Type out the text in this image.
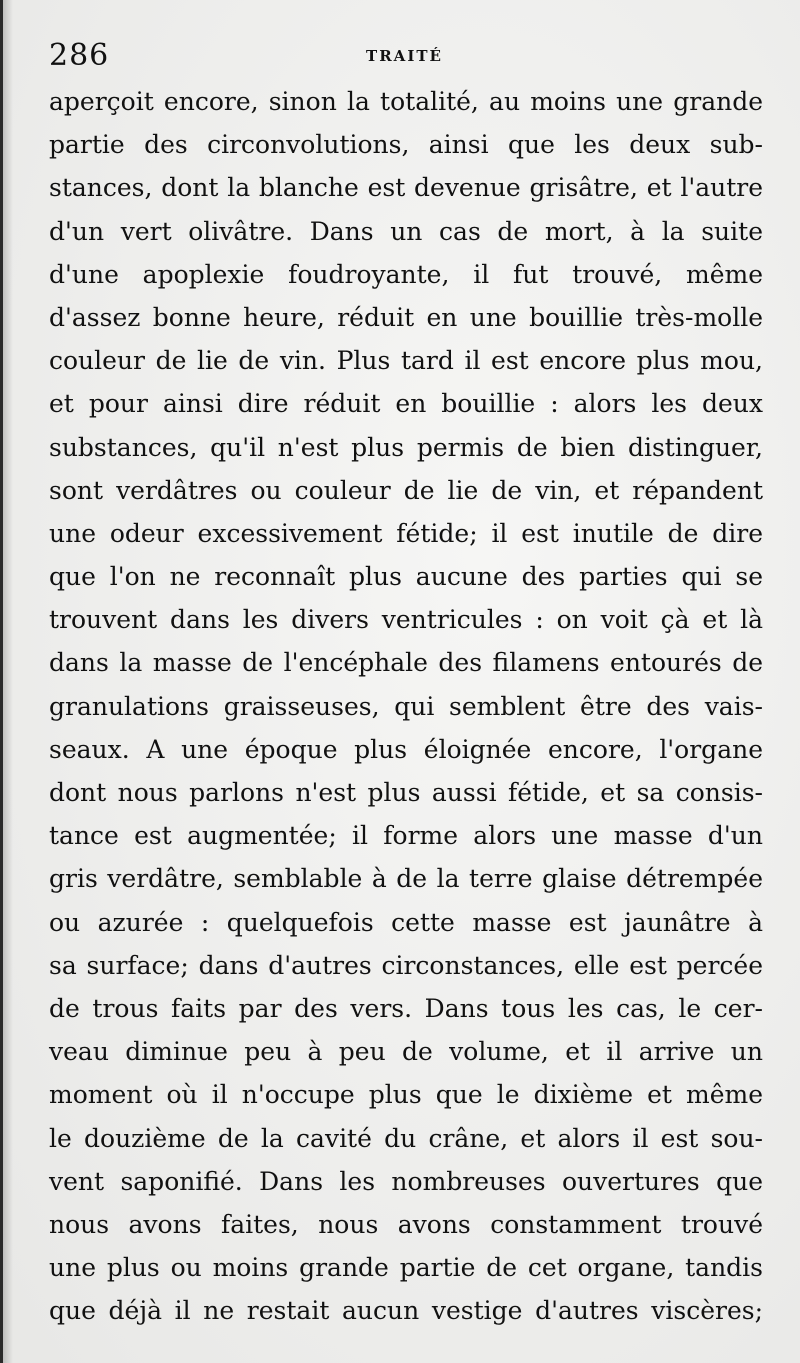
286	TRAITÉ
aperçoit encore, sinon la totalité, au moins une grande
partie des circonvolutions, ainsi que les deux sub-
stances, dont la blanche est devenue grisâtre, et l'autre
d'un vert olivâtre. Dans un cas de mort, à la suite
d'une apoplexie foudroyante, il fut trouvé, même
d'assez bonne heure, réduit en une bouillie très-molle
couleur de lie de vin. Plus tard il est encore plus mou,
et pour ainsi dire réduit en bouillie : alors les deux
substances, qu'il n'est plus permis de bien distinguer,
sont verdâtres ou couleur de lie de vin, et répandent
une odeur excessivement fétide; il est inutile de dire
que l'on ne reconnaît plus aucune des parties qui se
trouvent dans les divers ventricules : on voit çà et là
dans la masse de l'encéphale des filamens entourés de
granulations graisseuses, qui semblent être des vais-
seaux. A une époque plus éloignée encore, l'organe
dont nous parlons n'est plus aussi fétide, et sa consis-
tance est augmentée; il forme alors une masse d'un
gris verdâtre, semblable à de la terre glaise détrempée
ou azurée : quelquefois cette masse est jaunâtre à
sa surface; dans d'autres circonstances, elle est percée
de trous faits par des vers. Dans tous les cas, le cer-
veau diminue peu à peu de volume, et il arrive un
moment où il n'occupe plus que le dixième et même
le douzième de la cavité du crâne, et alors il est sou-
vent saponifié. Dans les nombreuses ouvertures que
nous avons faites, nous avons constamment trouvé
une plus ou moins grande partie de cet organe, tandis
que déjà il ne restait aucun vestige d'autres viscères;
